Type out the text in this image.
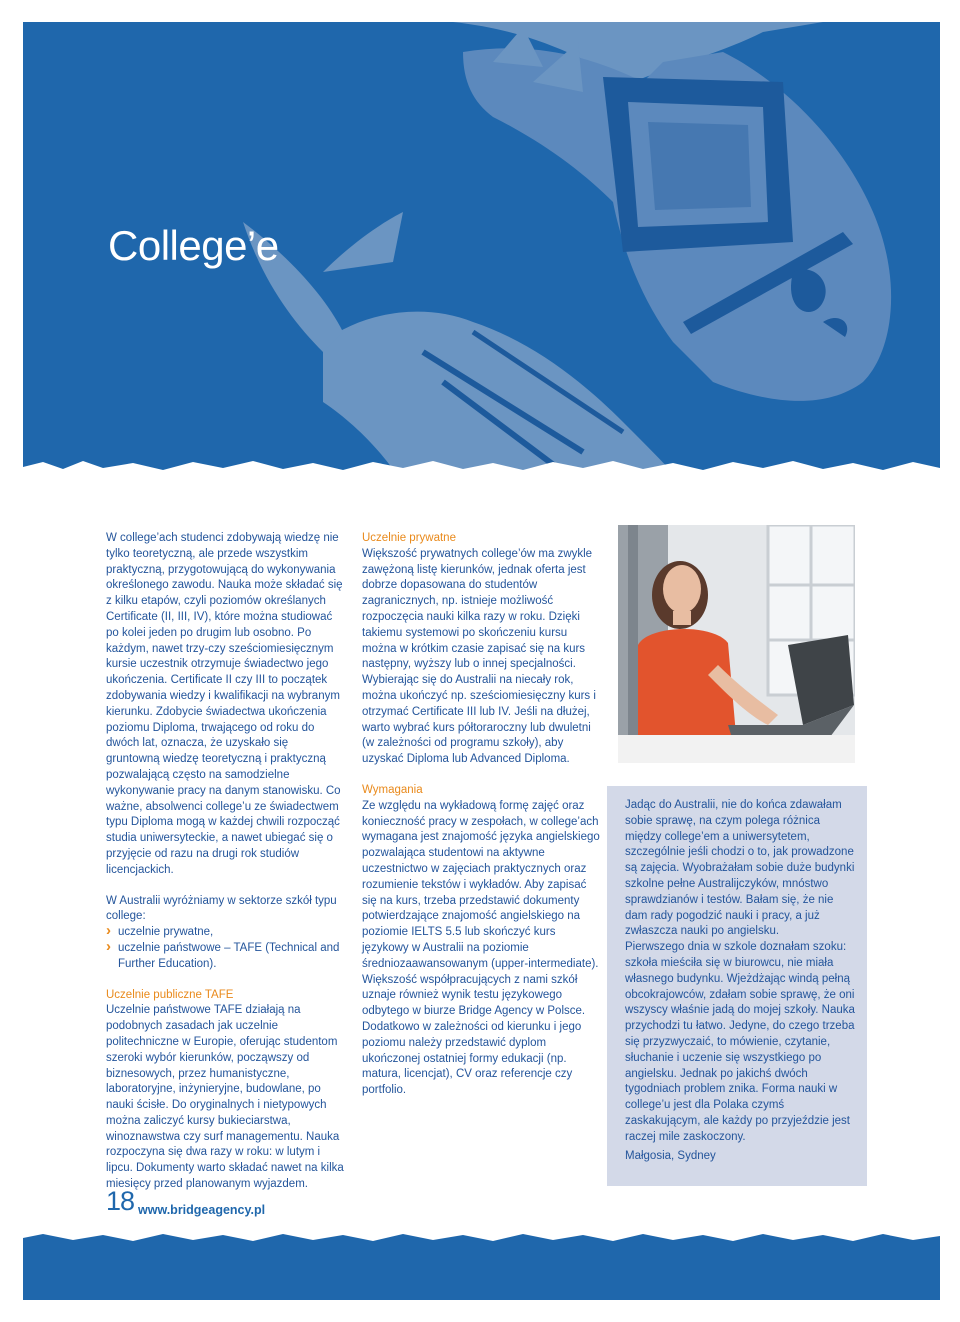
College’e

W college’ach studenci zdobywają wiedzę nie tylko teoretyczną, ale przede wszystkim praktyczną, przygotowującą do wykonywania określonego zawodu. Nauka może składać się z kilku etapów, czyli poziomów określanych Certificate (II, III, IV), które można studiować po kolei jeden po drugim lub osobno. Po każdym, nawet trzy-czy sześciomiesięcznym kursie uczestnik otrzymuje świadectwo jego ukończenia. Certificate II czy III to początek zdobywania wiedzy i kwalifikacji na wybranym kierunku. Zdobycie świadectwa ukończenia poziomu Diploma, trwającego od roku do dwóch lat, oznacza, że uzyskało się gruntowną wiedzę teoretyczną i praktyczną pozwalającą często na samodzielne wykonywanie pracy na danym stanowisku. Co ważne, absolwenci college’u ze świadectwem typu Diploma mogą w każdej chwili rozpocząć studia uniwersyteckie, a nawet ubiegać się o przyjęcie od razu na drugi rok studiów licencjackich.

W Australii wyróżniamy w sektorze szkół typu college:

› uczelnie prywatne,

› uczelnie państwowe – TAFE (Technical and Further Education).

Uczelnie publiczne TAFE

Uczelnie państwowe TAFE działają na podobnych zasadach jak uczelnie politechniczne w Europie, oferując studentom szeroki wybór kierunków, począwszy od biznesowych, przez humanistyczne, laboratoryjne, inżynieryjne, budowlane, po nauki ścisłe. Do oryginalnych i nietypowych można zaliczyć kursy bukieciarstwa, winoznawstwa czy surf managementu. Nauka rozpoczyna się dwa razy w roku: w lutym i lipcu. Dokumenty warto składać nawet na kilka miesięcy przed planowanym wyjazdem.

Uczelnie prywatne

Większość prywatnych college’ów ma zwykle zawężoną listę kierunków, jednak oferta jest dobrze dopasowana do studentów zagranicznych, np. istnieje możliwość rozpoczęcia nauki kilka razy w roku. Dzięki takiemu systemowi po skończeniu kursu można w krótkim czasie zapisać się na kurs następny, wyższy lub o innej specjalności.

Wybierając się do Australii na niecały rok, można ukończyć np. sześciomiesięczny kurs i otrzymać Certificate III lub IV. Jeśli na dłużej, warto wybrać kurs półtoraroczny lub dwuletni (w zależności od programu szkoły), aby uzyskać Diploma lub Advanced Diploma.

Wymagania

Ze względu na wykładową formę zajęć oraz konieczność pracy w zespołach, w college’ach wymagana jest znajomość języka angielskiego pozwalająca studentowi na aktywne uczestnictwo w zajęciach praktycznych oraz rozumienie tekstów i wykładów. Aby zapisać się na kurs, trzeba przedstawić dokumenty potwierdzające znajomość angielskiego na poziomie IELTS 5.5 lub skończyć kurs językowy w Australii na poziomie średniozaawansowanym (upper-intermediate). Większość współpracujących z nami szkół uznaje również wynik testu językowego odbytego w biurze Bridge Agency w Polsce. Dodatkowo w zależności od kierunku i jego poziomu należy przedstawić dyplom ukończonej ostatniej formy edukacji (np. matura, licencjat), CV oraz referencje czy portfolio.

Jadąc do Australii, nie do końca zdawałam sobie sprawę, na czym polega różnica między college’em a uniwersytetem, szczególnie jeśli chodzi o to, jak prowadzone są zajęcia. Wyobrażałam sobie duże budynki szkolne pełne Australijczyków, mnóstwo sprawdzianów i testów. Bałam się, że nie dam rady pogodzić nauki i pracy, a już zwłaszcza nauki po angielsku.

Pierwszego dnia w szkole doznałam szoku: szkoła mieściła się w biurowcu, nie miała własnego budynku. Wjeżdżając windą pełną obcokrajowców, zdałam sobie sprawę, że oni wszyscy właśnie jadą do mojej szkoły. Nauka przychodzi tu łatwo. Jedyne, do czego trzeba się przyzwyczaić, to mówienie, czytanie, słuchanie i uczenie się wszystkiego po angielsku. Jednak po jakichś dwóch tygodniach problem znika. Forma nauki w college’u jest dla Polaka czymś zaskakującym, ale każdy po przyjeździe jest raczej mile zaskoczony.

Małgosia, Sydney
18 www.bridgeagency.pl
